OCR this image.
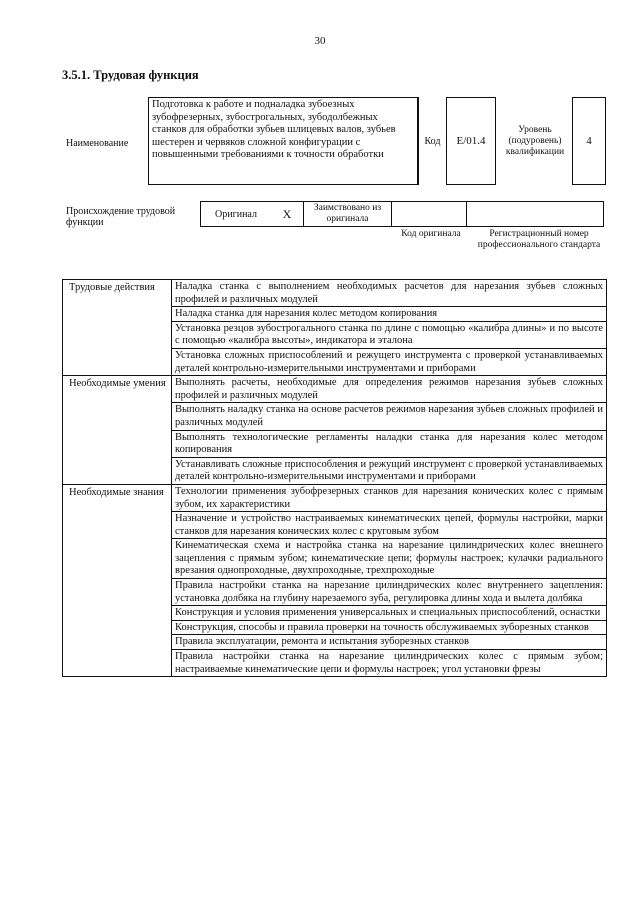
30
3.5.1. Трудовая функция
Наименование
Подготовка к работе и подналадка зубоезных зубофрезерных, зубострогальных, зубодолбежных станков для обработки зубьев шлицевых валов, зубьев шестерен и червяков сложной конфигурации с повышенными требованиями к точности обработки
Код	E/01.4
Уровень (подуровень) квалификации
4
Происхождение трудовой функции
Оригинал	X	Заимствовано из оригинала
Код оригинала	Регистрационный номер профессионального стандарта
Трудовые действия	Наладка станка с выполнением необходимых расчетов для нарезания зубьев сложных профилей и различных модулей
	Наладка станка для нарезания колес методом копирования
	Установка резцов зубострогального станка по длине с помощью «калибра длины» и по высоте с помощью «калибра высоты», индикатора и эталона
	Установка сложных приспособлений и режущего инструмента с проверкой устанавливаемых деталей контрольно-измерительными инструментами и приборами
Необходимые умения	Выполнять расчеты, необходимые для определения режимов нарезания зубьев сложных профилей и различных модулей
	Выполнять наладку станка на основе расчетов режимов нарезания зубьев сложных профилей и различных модулей
	Выполнять технологические регламенты наладки станка для нарезания колес методом копирования
	Устанавливать сложные приспособления и режущий инструмент с проверкой устанавливаемых деталей контрольно-измерительными инструментами и приборами
Необходимые знания	Технологии применения зубофрезерных станков для нарезания конических колес с прямым зубом, их характеристики
	Назначение и устройство настраиваемых кинематических цепей, формулы настройки, марки станков для нарезания конических колес с круговым зубом
	Кинематическая схема и настройка станка на нарезание цилиндрических колес внешнего зацепления с прямым зубом; кинематические цепи; формулы настроек; кулачки радиального врезания однопроходные, двухпроходные, трехпроходные
	Правила настройки станка на нарезание цилиндрических колес внутреннего зацепления: установка долбяка на глубину нарезаемого зуба, регулировка длины хода и вылета долбяка
	Конструкция и условия применения универсальных и специальных приспособлений, оснастки
	Конструкция, способы и правила проверки на точность обслуживаемых зуборезных станков
	Правила эксплуатации, ремонта и испытания зуборезных станков
	Правила настройки станка на нарезание цилиндрических колес с прямым зубом; настраиваемые кинематические цепи и формулы настроек; угол установки фрезы
